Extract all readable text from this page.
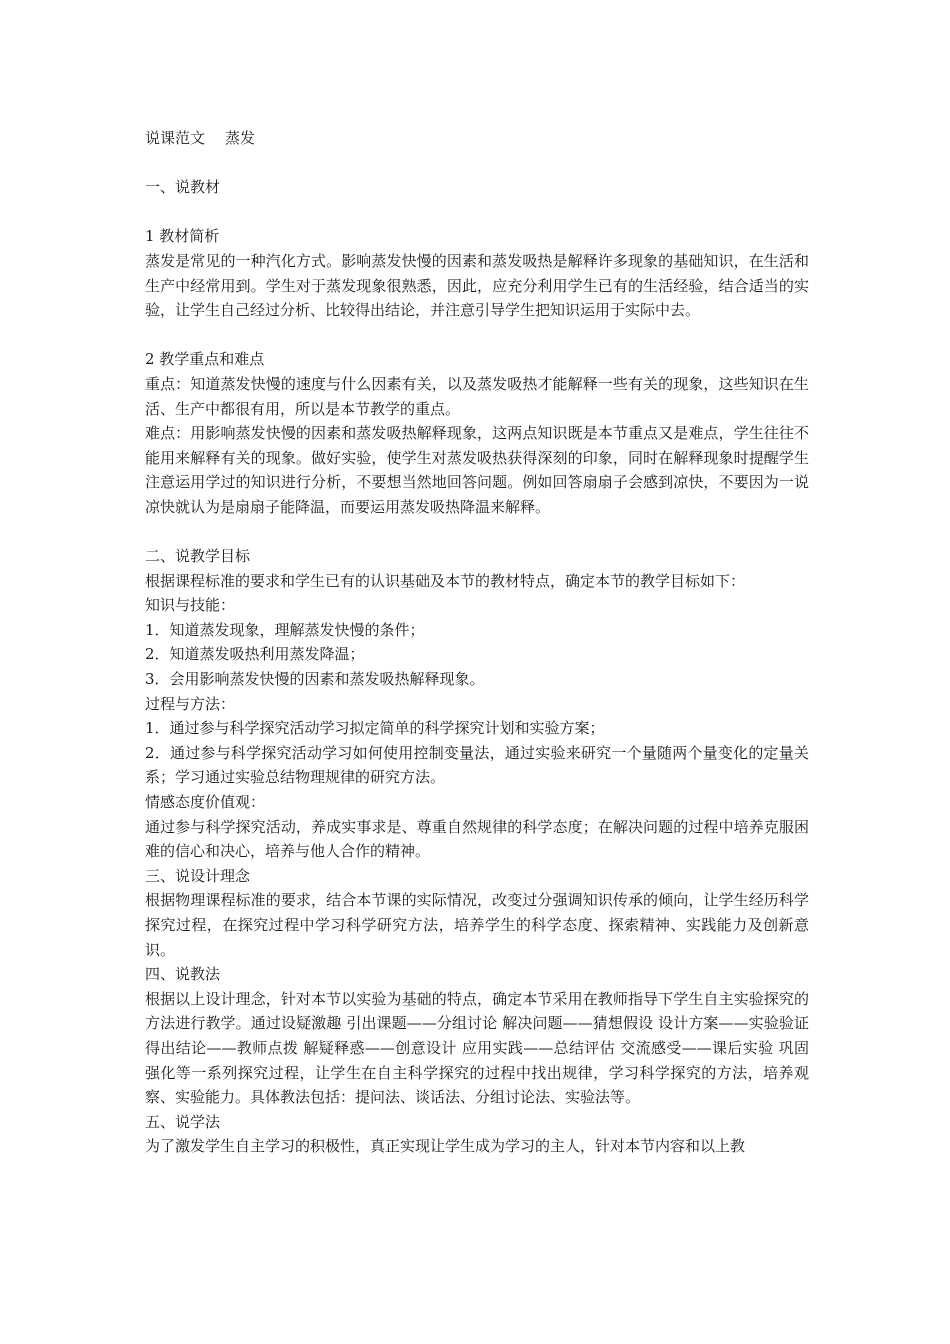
说课范文 蒸发

一、说教材

1 教材简析

蒸发是常见的一种汽化方式。影响蒸发快慢的因素和蒸发吸热是解释许多现象的基础知识，在生活和生产中经常用到。学生对于蒸发现象很熟悉，因此，应充分利用学生已有的生活经验，结合适当的实验，让学生自己经过分析、比较得出结论，并注意引导学生把知识运用于实际中去。

2 教学重点和难点

重点：知道蒸发快慢的速度与什么因素有关，以及蒸发吸热才能解释一些有关的现象，这些知识在生活、生产中都很有用，所以是本节教学的重点。

难点：用影响蒸发快慢的因素和蒸发吸热解释现象，这两点知识既是本节重点又是难点，学生往往不能用来解释有关的现象。做好实验，使学生对蒸发吸热获得深刻的印象，同时在解释现象时提醒学生注意运用学过的知识进行分析，不要想当然地回答问题。例如回答扇扇子会感到凉快，不要因为一说凉快就认为是扇扇子能降温，而要运用蒸发吸热降温来解释。

二、说教学目标

根据课程标准的要求和学生已有的认识基础及本节的教材特点，确定本节的教学目标如下：

知识与技能：

1．知道蒸发现象，理解蒸发快慢的条件；

2．知道蒸发吸热利用蒸发降温；

3．会用影响蒸发快慢的因素和蒸发吸热解释现象。

过程与方法：

1．通过参与科学探究活动学习拟定简单的科学探究计划和实验方案；

2．通过参与科学探究活动学习如何使用控制变量法，通过实验来研究一个量随两个量变化的定量关系；学习通过实验总结物理规律的研究方法。

情感态度价值观：

通过参与科学探究活动，养成实事求是、尊重自然规律的科学态度；在解决问题的过程中培养克服困难的信心和决心，培养与他人合作的精神。

三、说设计理念

根据物理课程标准的要求，结合本节课的实际情况，改变过分强调知识传承的倾向，让学生经历科学探究过程，在探究过程中学习科学研究方法，培养学生的科学态度、探索精神、实践能力及创新意识。

四、说教法

根据以上设计理念，针对本节以实验为基础的特点，确定本节采用在教师指导下学生自主实验探究的方法进行教学。通过设疑激趣 引出课题——分组讨论 解决问题——猜想假设 设计方案——实验验证 得出结论——教师点拨 解疑释惑——创意设计 应用实践——总结评估 交流感受——课后实验 巩固强化等一系列探究过程，让学生在自主科学探究的过程中找出规律，学习科学探究的方法，培养观察、实验能力。具体教法包括：提问法、谈话法、分组讨论法、实验法等。

五、说学法

为了激发学生自主学习的积极性，真正实现让学生成为学习的主人，针对本节内容和以上教
